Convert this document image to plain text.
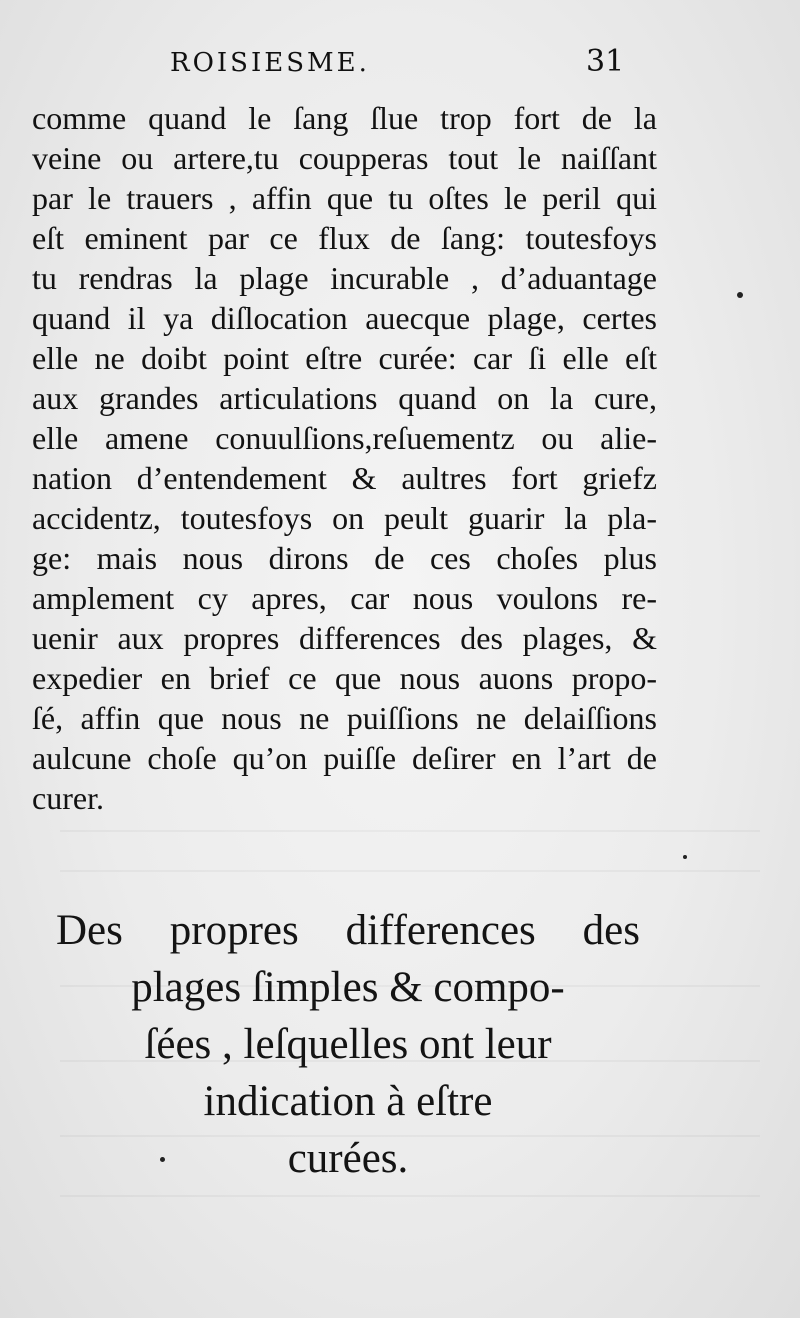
ROISIESME.	31
comme quand le ſang ſlue trop fort de la
veine ou artere,tu coupperas tout le naiſſant
par le trauers , affin que tu oſtes le peril qui
eſt eminent par ce flux de ſang: toutesfoys
tu rendras la plage incurable , d’aduantage
quand il ya diſlocation auecque plage, certes
elle ne doibt point eſtre curée: car ſi elle eſt
aux grandes articulations quand on la cure,
elle amene conuulſions,reſuementz ou alie-
nation d’entendement & aultres fort griefz
accidentz, toutesfoys on peult guarir la pla-
ge: mais nous dirons de ces choſes plus
amplement cy apres, car nous voulons re-
uenir aux propres differences des plages, &
expedier en brief ce que nous auons propo-
ſé, affin que nous ne puiſſions ne delaiſſions
aulcune choſe qu’on puiſſe deſirer en l’art de
curer.
Des propres differences des
plages ſimples & compo-
ſées , leſquelles ont leur
indication à eſtre
curées.
